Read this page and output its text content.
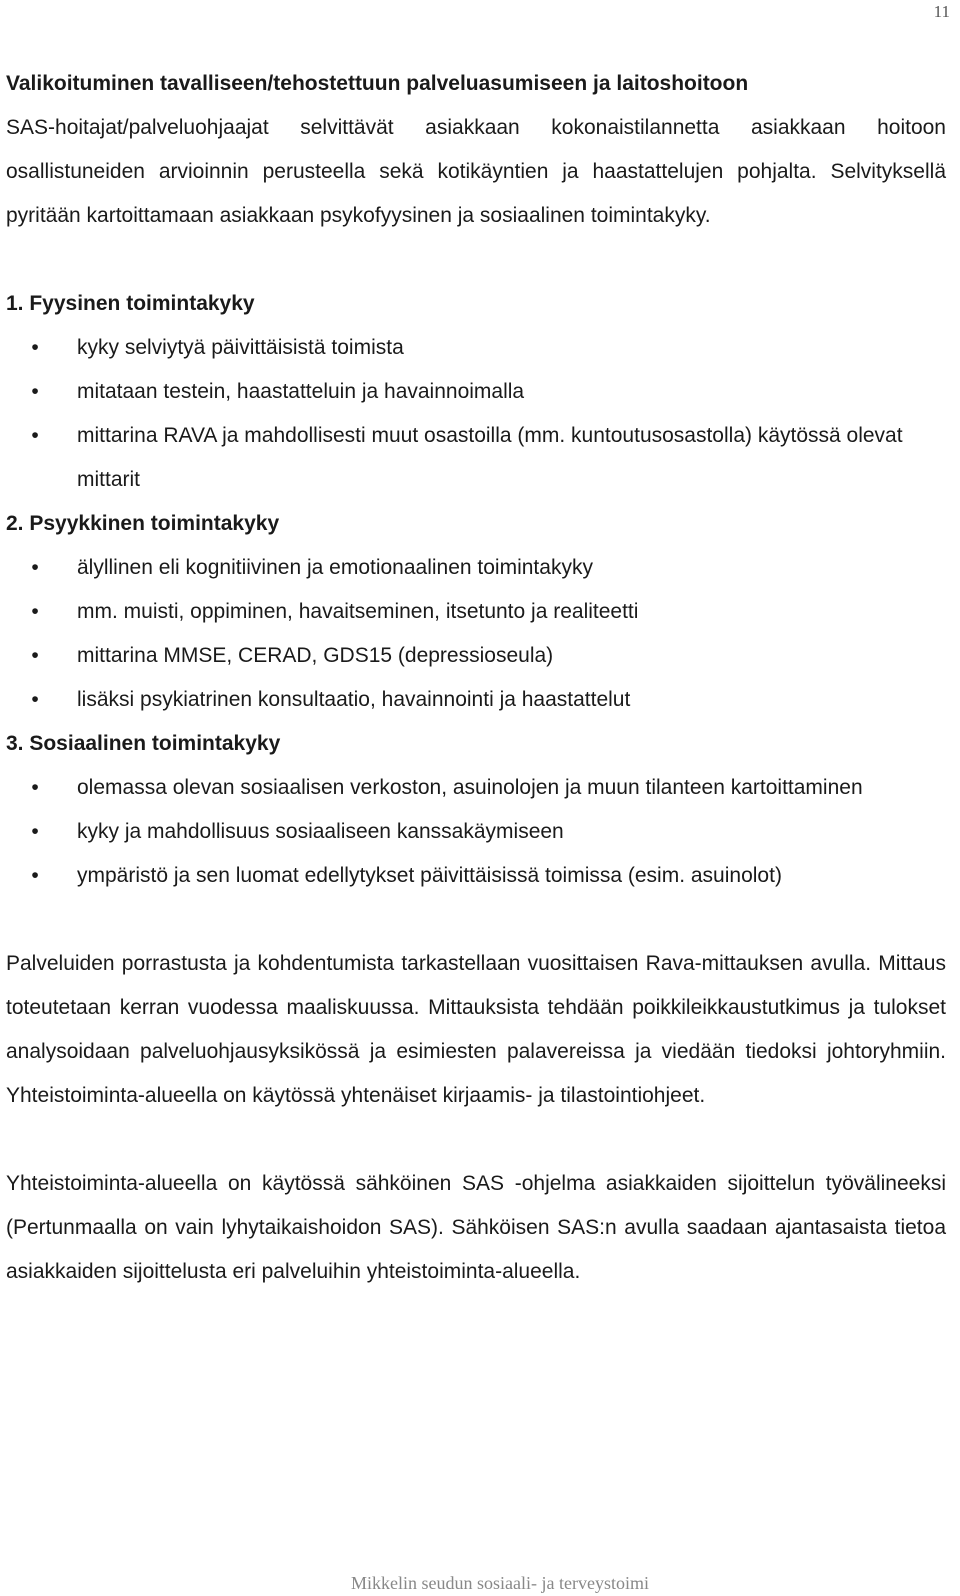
11

Valikoituminen tavalliseen/tehostettuun palveluasumiseen ja laitoshoitoon

SAS-hoitajat/palveluohjaajat selvittävät asiakkaan kokonaistilannetta asiakkaan hoitoon osallistuneiden arvioinnin perusteella sekä kotikäyntien ja haastattelujen pohjalta. Selvityksellä pyritään kartoittamaan asiakkaan psykofyysinen ja sosiaalinen toimintakyky.

1. Fyysinen toimintakyky

• kyky selviytyä päivittäisistä toimista
• mitataan testein, haastatteluin ja havainnoimalla
• mittarina RAVA ja mahdollisesti muut osastoilla (mm. kuntoutusosastolla) käytössä olevat mittarit

2. Psyykkinen toimintakyky

• älyllinen eli kognitiivinen ja emotionaalinen toimintakyky
• mm. muisti, oppiminen, havaitseminen, itsetunto ja realiteetti
• mittarina MMSE, CERAD, GDS15 (depressioseula)
• lisäksi psykiatrinen konsultaatio, havainnointi ja haastattelut

3. Sosiaalinen toimintakyky

• olemassa olevan sosiaalisen verkoston, asuinolojen ja muun tilanteen kartoittaminen
• kyky ja mahdollisuus sosiaaliseen kanssakäymiseen
• ympäristö ja sen luomat edellytykset päivittäisissä toimissa (esim. asuinolot)

Palveluiden porrastusta ja kohdentumista tarkastellaan vuosittaisen Rava-mittauksen avulla. Mittaus toteutetaan kerran vuodessa maaliskuussa. Mittauksista tehdään poikkileikkaustutkimus ja tulokset analysoidaan palveluohjausyksikössä ja esimiesten palavereissa ja viedään tiedoksi johtoryhmiin. Yhteistoiminta-alueella on käytössä yhtenäiset kirjaamis- ja tilastointiohjeet.

Yhteistoiminta-alueella on käytössä sähköinen SAS -ohjelma asiakkaiden sijoittelun työvälineeksi (Pertunmaalla on vain lyhytaikaishoidon SAS). Sähköisen SAS:n avulla saadaan ajantasaista tietoa asiakkaiden sijoittelusta eri palveluihin yhteistoiminta-alueella.

Mikkelin seudun sosiaali- ja terveystoimi
